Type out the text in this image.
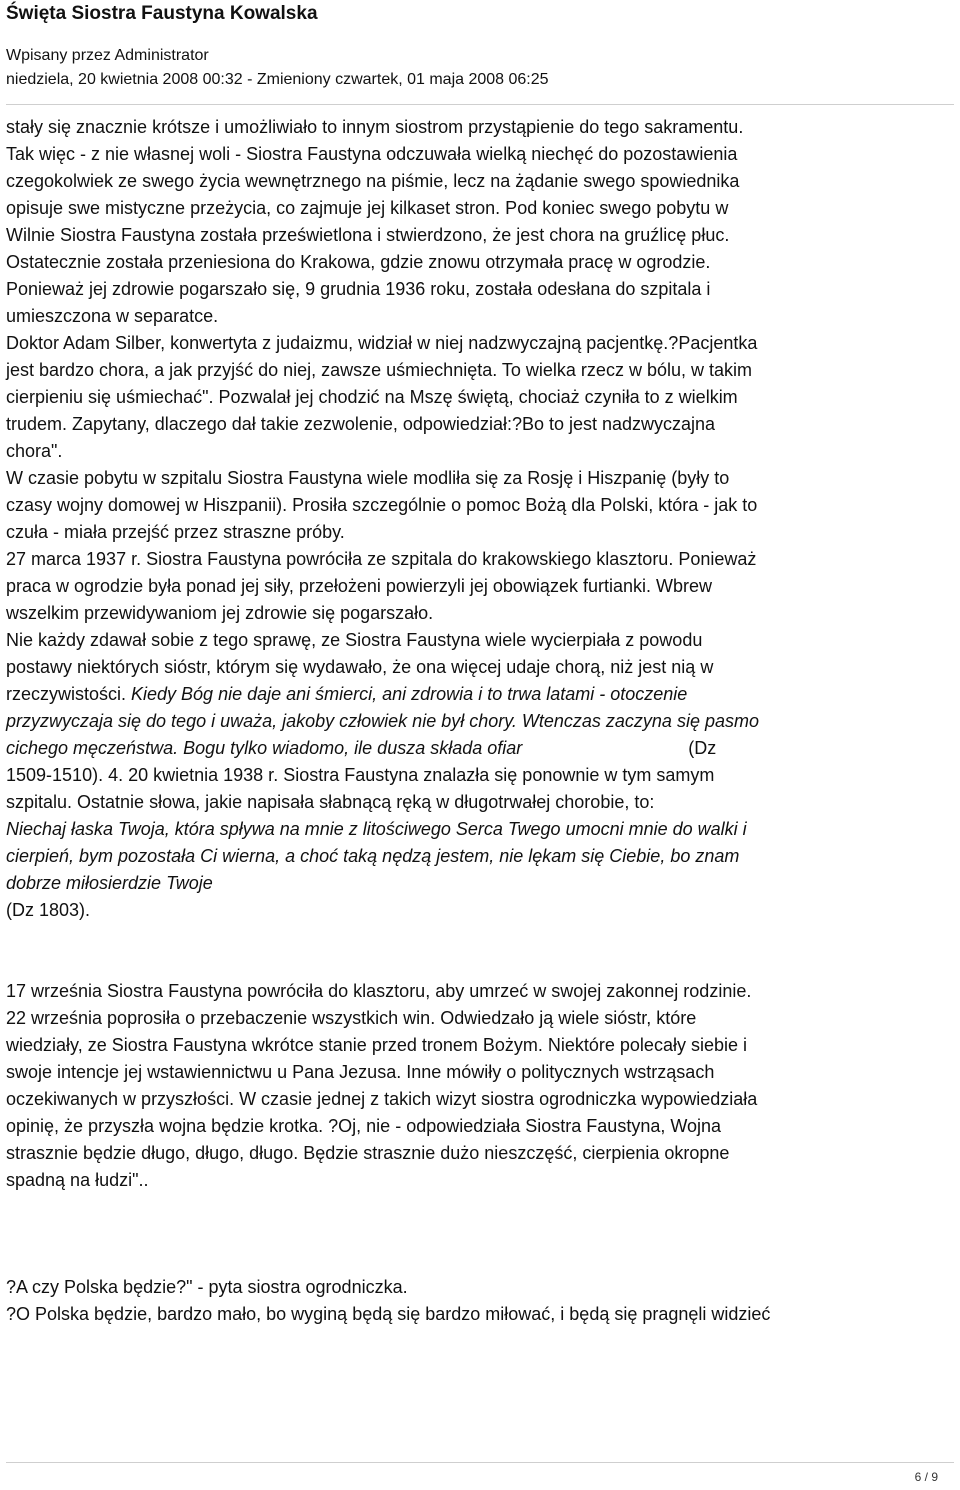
Święta Siostra Faustyna Kowalska
Wpisany przez Administrator
niedziela, 20 kwietnia 2008 00:32 - Zmieniony czwartek, 01 maja 2008 06:25

stały się znacznie krótsze i umożliwiało to innym siostrom przystąpienie do tego sakramentu.

Tak więc - z nie własnej woli - Siostra Faustyna odczuwała wielką niechęć do pozostawienia

czegokolwiek ze swego życia wewnętrznego na piśmie, lecz na żądanie swego spowiednika

opisuje swe mistyczne przeżycia, co zajmuje jej kilkaset stron. Pod koniec swego pobytu w

Wilnie Siostra Faustyna została prześwietlona i stwierdzono, że jest chora na gruźlicę płuc.

Ostatecznie została przeniesiona do Krakowa, gdzie znowu otrzymała pracę w ogrodzie.

Ponieważ jej zdrowie pogarszało się, 9 grudnia 1936 roku, została odesłana do szpitala i

umieszczona w separatce.

Doktor Adam Silber, konwertyta z judaizmu, widział w niej nadzwyczajną pacjentkę.?Pacjentka

jest bardzo chora, a jak przyjść do niej, zawsze uśmiechnięta. To wielka rzecz w bólu, w takim

cierpieniu się uśmiechać". Pozwalał jej chodzić na Mszę świętą, chociaż czyniła to z wielkim

trudem. Zapytany, dlaczego dał takie zezwolenie, odpowiedział:?Bo to jest nadzwyczajna

chora".

W czasie pobytu w szpitalu Siostra Faustyna wiele modliła się za Rosję i Hiszpanię (były to

czasy wojny domowej w Hiszpanii). Prosiła szczególnie o pomoc Bożą dla Polski, która - jak to

czuła - miała przejść przez straszne próby.

27 marca 1937 r. Siostra Faustyna powróciła ze szpitala do krakowskiego klasztoru. Ponieważ

praca w ogrodzie była ponad jej siły, przełożeni powierzyli jej obowiązek furtianki. Wbrew

wszelkim przewidywaniom jej zdrowie się pogarszało.

Nie każdy zdawał sobie z tego sprawę, ze Siostra Faustyna wiele wycierpiała z powodu

postawy niektórych sióstr, którym się wydawało, że ona więcej udaje chorą, niż jest nią w

rzeczywistości. Kiedy Bóg nie daje ani śmierci, ani zdrowia i to trwa latami - otoczenie

przyzwyczaja się do tego i uważa, jakoby człowiek nie był chory. Wtenczas zaczyna się pasmo

cichego męczeństwa. Bogu tylko wiadomo, ile dusza składa ofiar	(Dz

1509-1510). 4. 20 kwietnia 1938 r. Siostra Faustyna znalazła się ponownie w tym samym

szpitalu. Ostatnie słowa, jakie napisała słabnącą ręką w długotrwałej chorobie, to:

Niechaj łaska Twoja, która spływa na mnie z litościwego Serca Twego umocni mnie do walki i

cierpień, bym pozostała Ci wierna, a choć taką nędzą jestem, nie lękam się Ciebie, bo znam

dobrze miłosierdzie Twoje

(Dz 1803).

17 września Siostra Faustyna powróciła do klasztoru, aby umrzeć w swojej zakonnej rodzinie.

22 września poprosiła o przebaczenie wszystkich win. Odwiedzało ją wiele sióstr, które

wiedziały, ze Siostra Faustyna wkrótce stanie przed tronem Bożym. Niektóre polecały siebie i

swoje intencje jej wstawiennictwu u Pana Jezusa. Inne mówiły o politycznych wstrząsach

oczekiwanych w przyszłości. W czasie jednej z takich wizyt siostra ogrodniczka wypowiedziała

opinię, że przyszła wojna będzie krotka. ?Oj, nie - odpowiedziała Siostra Faustyna, Wojna

strasznie będzie długo, długo, długo. Będzie strasznie dużo nieszczęść, cierpienia okropne

spadną na łudzi"..

?A czy Polska będzie?" - pyta siostra ogrodniczka.

?O Polska będzie, bardzo mało, bo wyginą będą się bardzo miłować, i będą się pragnęli widzieć

6 / 9
